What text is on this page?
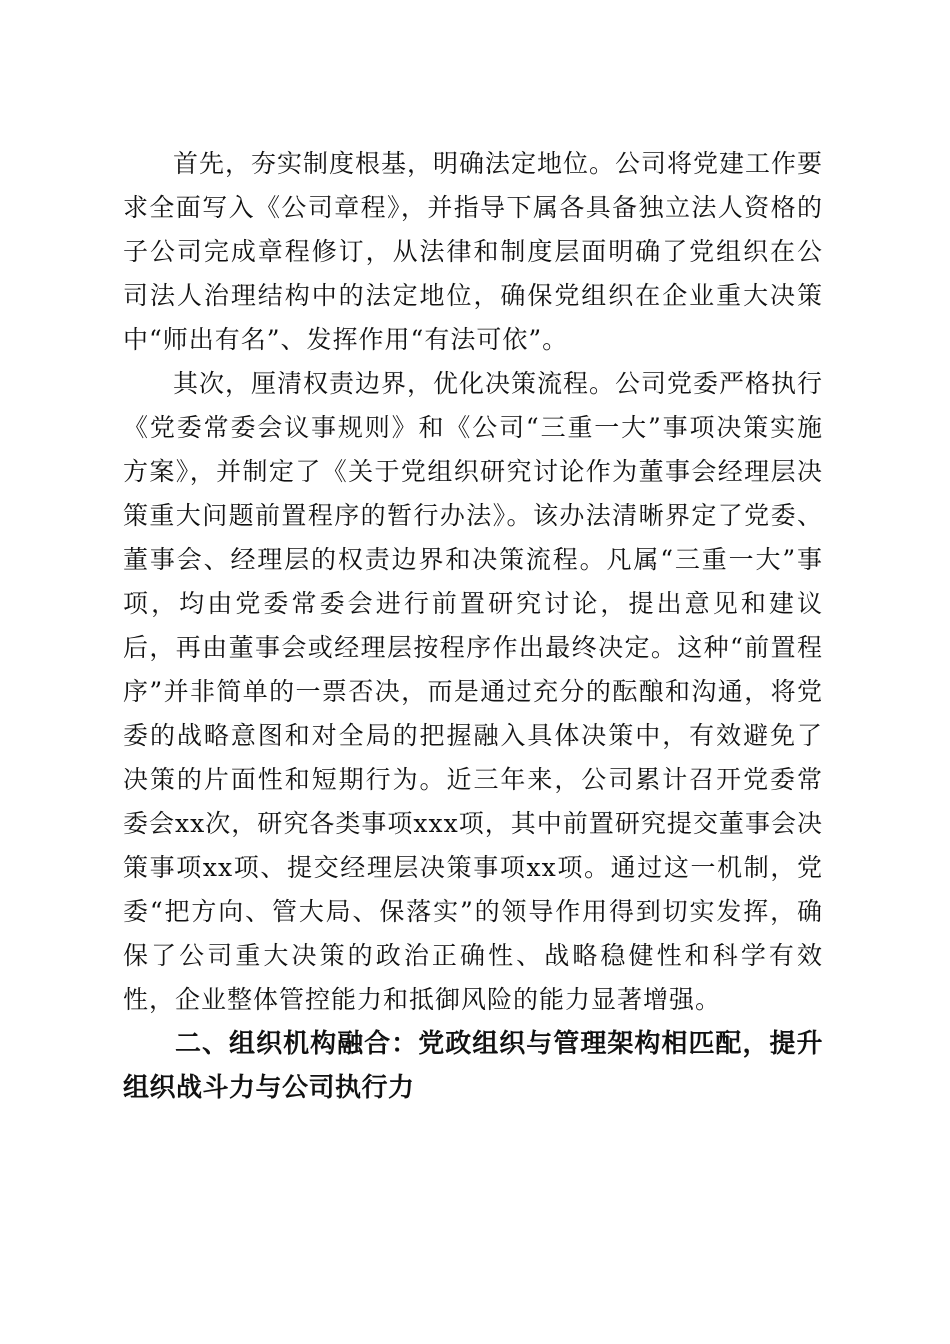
首先，夯实制度根基，明确法定地位。公司将党建工作要求全面写入《公司章程》，并指导下属各具备独立法人资格的子公司完成章程修订，从法律和制度层面明确了党组织在公司法人治理结构中的法定地位，确保党组织在企业重大决策中“师出有名”、发挥作用“有法可依”。

其次，厘清权责边界，优化决策流程。公司党委严格执行《党委常委会议事规则》和《公司“三重一大”事项决策实施方案》，并制定了《关于党组织研究讨论作为董事会经理层决策重大问题前置程序的暂行办法》。该办法清晰界定了党委、董事会、经理层的权责边界和决策流程。凡属“三重一大”事项，均由党委常委会进行前置研究讨论，提出意见和建议后，再由董事会或经理层按程序作出最终决定。这种“前置程序”并非简单的一票否决，而是通过充分的酝酿和沟通，将党委的战略意图和对全局的把握融入具体决策中，有效避免了决策的片面性和短期行为。近三年来，公司累计召开党委常委会xx次，研究各类事项xxx项，其中前置研究提交董事会决策事项xx项、提交经理层决策事项xx项。通过这一机制，党委“把方向、管大局、保落实”的领导作用得到切实发挥，确保了公司重大决策的政治正确性、战略稳健性和科学有效性，企业整体管控能力和抵御风险的能力显著增强。

二、组织机构融合：党政组织与管理架构相匹配，提升组织战斗力与公司执行力
